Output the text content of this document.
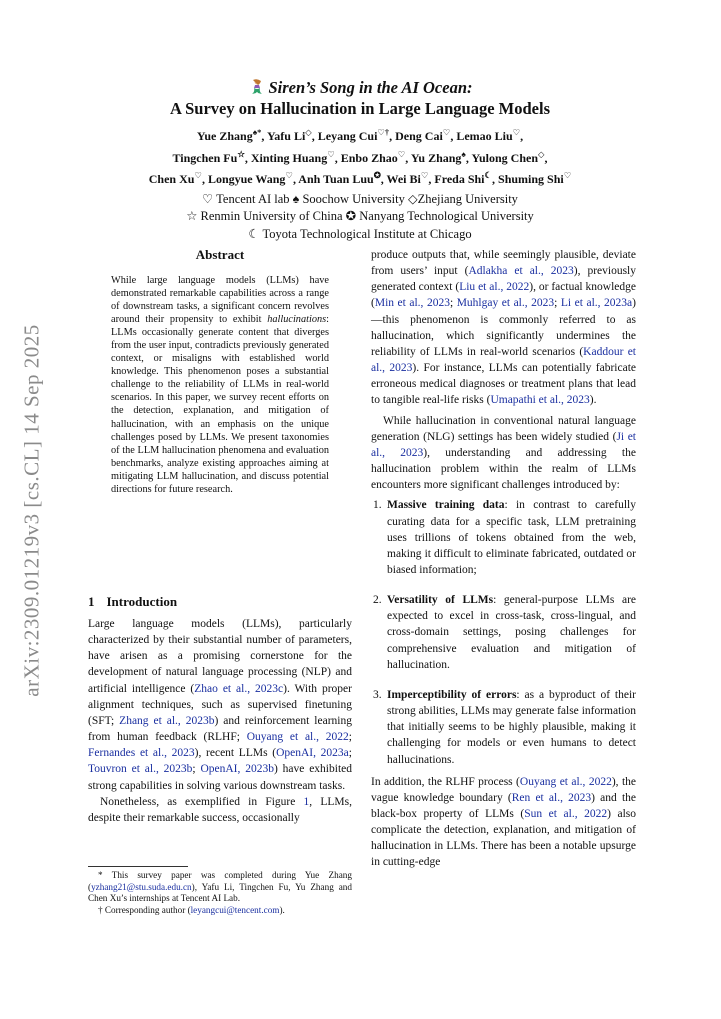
arXiv:2309.01219v3 [cs.CL] 14 Sep 2025
Siren’s Song in the AI Ocean:
A Survey on Hallucination in Large Language Models
Yue Zhang♠*, Yafu Li◇, Leyang Cui♡†, Deng Cai♡, Lemao Liu♡,
Tingchen Fu☆, Xinting Huang♡, Enbo Zhao♡, Yu Zhang♠, Yulong Chen◇,
Chen Xu♡, Longyue Wang♡, Anh Tuan Luu✪, Wei Bi♡, Freda Shi☾, Shuming Shi♡
♡ Tencent AI lab ♠ Soochow University ◇Zhejiang University
☆ Renmin University of China ✪ Nanyang Technological University
☾ Toyota Technological Institute at Chicago
Abstract
While large language models (LLMs) have demonstrated remarkable capabilities across a range of downstream tasks, a significant concern revolves around their propensity to exhibit hallucinations: LLMs occasionally generate content that diverges from the user input, contradicts previously generated context, or misaligns with established world knowledge. This phenomenon poses a substantial challenge to the reliability of LLMs in real-world scenarios. In this paper, we survey recent efforts on the detection, explanation, and mitigation of hallucination, with an emphasis on the unique challenges posed by LLMs. We present taxonomies of the LLM hallucination phenomena and evaluation benchmarks, analyze existing approaches aiming at mitigating LLM hallucination, and discuss potential directions for future research.
1 Introduction

Large language models (LLMs), particularly characterized by their substantial number of parameters, have arisen as a promising cornerstone for the development of natural language processing (NLP) and artificial intelligence (Zhao et al., 2023c). With proper alignment techniques, such as supervised finetuning (SFT; Zhang et al., 2023b) and reinforcement learning from human feedback (RLHF; Ouyang et al., 2022; Fernandes et al., 2023), recent LLMs (OpenAI, 2023a; Touvron et al., 2023b; OpenAI, 2023b) have exhibited strong capabilities in solving various downstream tasks.

Nonetheless, as exemplified in Figure 1, LLMs, despite their remarkable success, occasionally

* This survey paper was completed during Yue Zhang (yzhang21@stu.suda.edu.cn), Yafu Li, Tingchen Fu, Yu Zhang and Chen Xu’s internships at Tencent AI Lab.

† Corresponding author (leyangcui@tencent.com).

produce outputs that, while seemingly plausible, deviate from users’ input (Adlakha et al., 2023), previously generated context (Liu et al., 2022), or factual knowledge (Min et al., 2023; Muhlgay et al., 2023; Li et al., 2023a)—this phenomenon is commonly referred to as hallucination, which significantly undermines the reliability of LLMs in real-world scenarios (Kaddour et al., 2023). For instance, LLMs can potentially fabricate erroneous medical diagnoses or treatment plans that lead to tangible real-life risks (Umapathi et al., 2023).

While hallucination in conventional natural language generation (NLG) settings has been widely studied (Ji et al., 2023), understanding and addressing the hallucination problem within the realm of LLMs encounters more significant challenges introduced by:

1. Massive training data: in contrast to carefully curating data for a specific task, LLM pretraining uses trillions of tokens obtained from the web, making it difficult to eliminate fabricated, outdated or biased information;
2. Versatility of LLMs: general-purpose LLMs are expected to excel in cross-task, cross-lingual, and cross-domain settings, posing challenges for comprehensive evaluation and mitigation of hallucination.
3. Imperceptibility of errors: as a byproduct of their strong abilities, LLMs may generate false information that initially seems to be highly plausible, making it challenging for models or even humans to detect hallucinations.

In addition, the RLHF process (Ouyang et al., 2022), the vague knowledge boundary (Ren et al., 2023) and the black-box property of LLMs (Sun et al., 2022) also complicate the detection, explanation, and mitigation of hallucination in LLMs. There has been a notable upsurge in cutting-edge
